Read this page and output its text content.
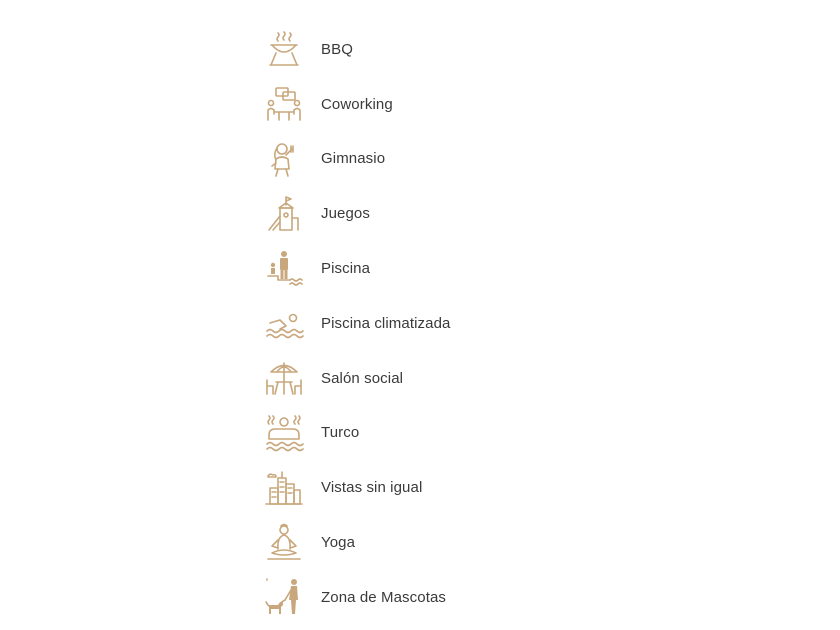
BBQ
Coworking
Gimnasio
Juegos
Piscina
Piscina climatizada
Salón social
Turco
Vistas sin igual
Yoga
Zona de Mascotas
